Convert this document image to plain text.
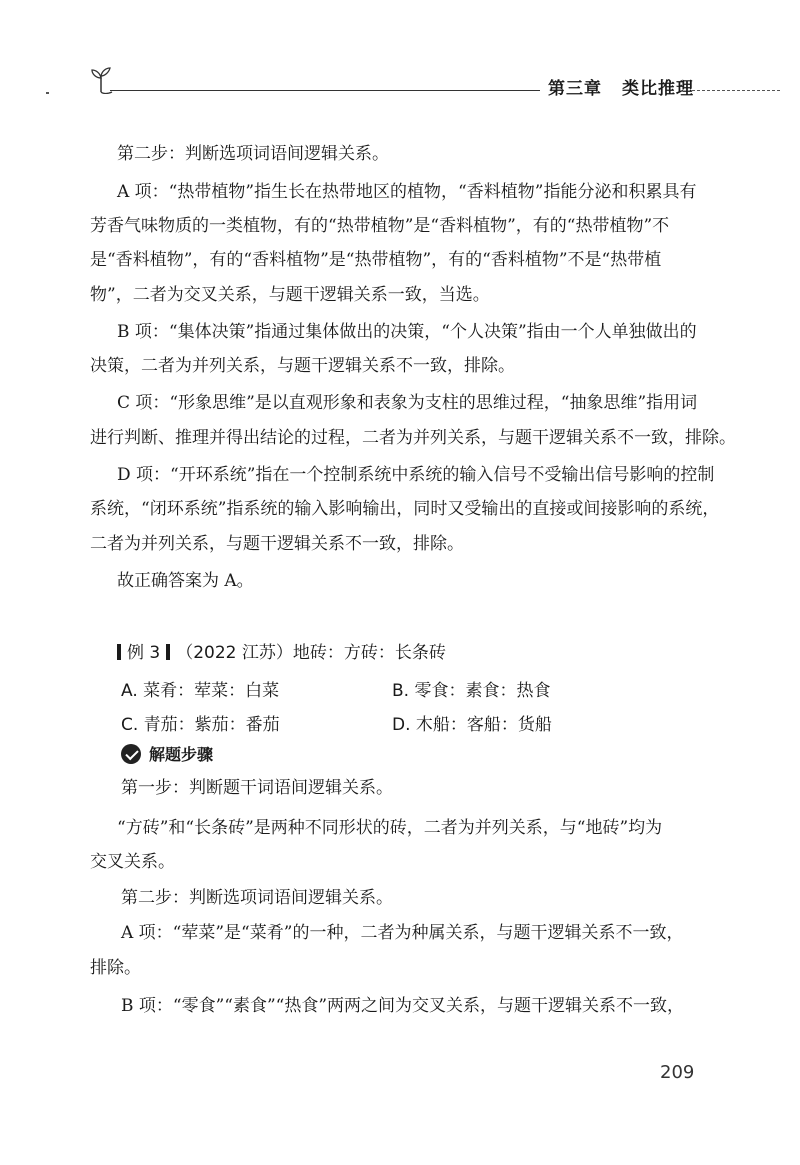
第三章 类比推理
第二步：判断选项词语间逻辑关系。
A 项：“热带植物”指生长在热带地区的植物，“香料植物”指能分泌和积累具有
芳香气味物质的一类植物，有的“热带植物”是“香料植物”，有的“热带植物”不
是“香料植物”，有的“香料植物”是“热带植物”，有的“香料植物”不是“热带植
物”，二者为交叉关系，与题干逻辑关系一致，当选。
B 项：“集体决策”指通过集体做出的决策，“个人决策”指由一个人单独做出的
决策，二者为并列关系，与题干逻辑关系不一致，排除。
C 项：“形象思维”是以直观形象和表象为支柱的思维过程，“抽象思维”指用词
进行判断、推理并得出结论的过程，二者为并列关系，与题干逻辑关系不一致，排除。
D 项：“开环系统”指在一个控制系统中系统的输入信号不受输出信号影响的控制
系统，“闭环系统”指系统的输入影响输出，同时又受输出的直接或间接影响的系统，
二者为并列关系，与题干逻辑关系不一致，排除。
故正确答案为 A。
例 3 （2022 江苏）地砖：方砖：长条砖
A. 菜肴：荤菜：白菜	B. 零食：素食：热食
C. 青茄：紫茄：番茄	D. 木船：客船：货船
解题步骤
第一步：判断题干词语间逻辑关系。
“方砖”和“长条砖”是两种不同形状的砖，二者为并列关系，与“地砖”均为
交叉关系。
第二步：判断选项词语间逻辑关系。
A 项：“荤菜”是“菜肴”的一种，二者为种属关系，与题干逻辑关系不一致，
排除。
B 项：“零食”“素食”“热食”两两之间为交叉关系，与题干逻辑关系不一致，
209
